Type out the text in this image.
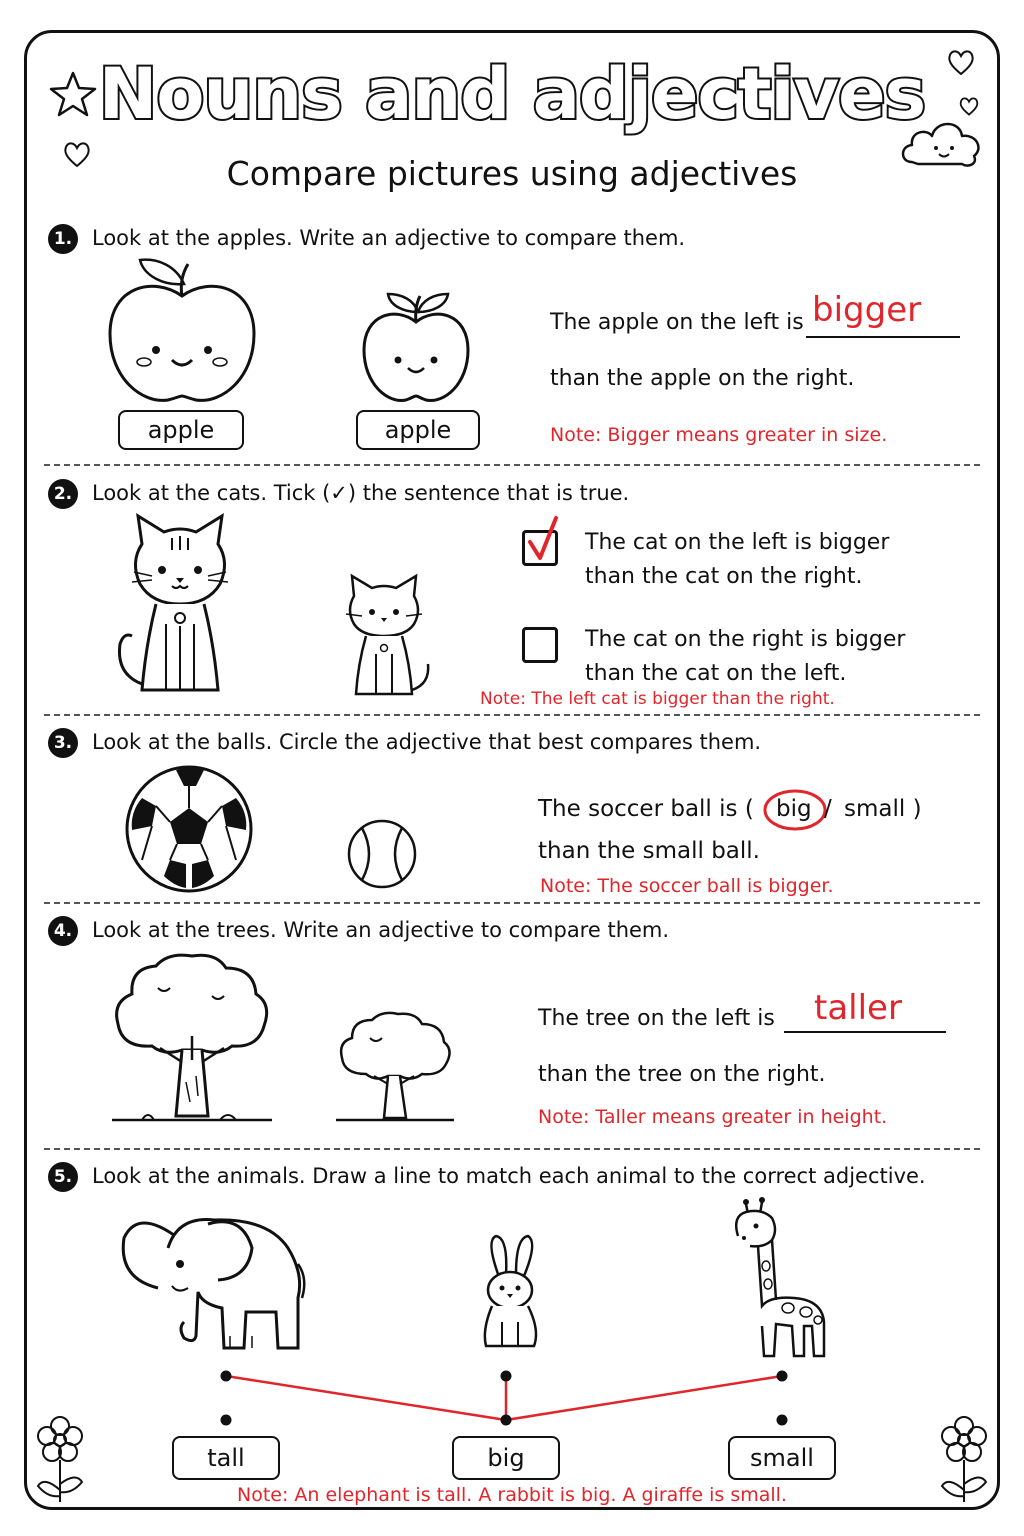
Nouns and adjectives
Compare pictures using adjectives
1. Look at the apples. Write an adjective to compare them.
apple	apple
The apple on the left is bigger
than the apple on the right.
Note: Bigger means greater in size.
2. Look at the cats. Tick (✓) the sentence that is true.
The cat on the left is bigger
than the cat on the right.
The cat on the right is bigger
than the cat on the left.
Note: The left cat is bigger than the right.
3. Look at the balls. Circle the adjective that best compares them.
The soccer ball is ( big / small )
than the small ball.
Note: The soccer ball is bigger.
4. Look at the trees. Write an adjective to compare them.
The tree on the left is taller
than the tree on the right.
Note: Taller means greater in height.
5. Look at the animals. Draw a line to match each animal to the correct adjective.
tall	big	small
Note: An elephant is tall. A rabbit is big. A giraffe is small.
